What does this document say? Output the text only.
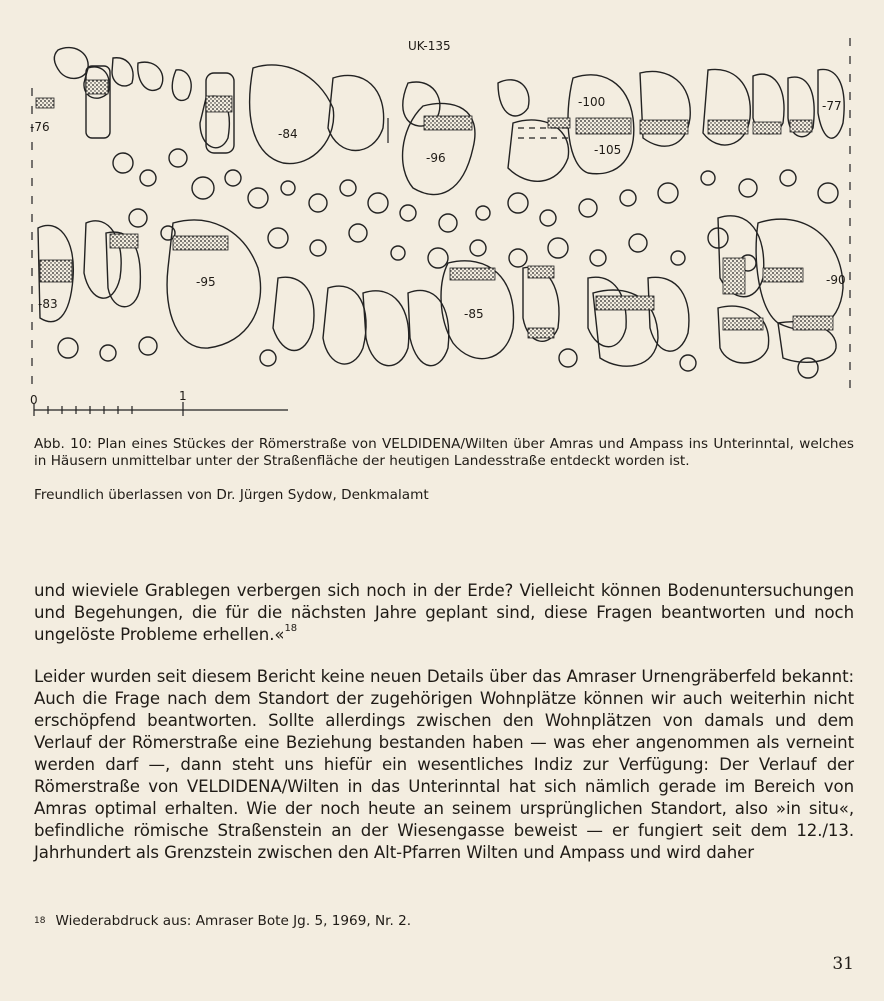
UK-135
-76	-84
-96
-100
-105
-77
-95
-83
-85
-90
0	1

Abb. 10: Plan eines Stückes der Römerstraße von VELDIDENA/Wilten über Amras und Ampass ins Unterinntal, welches in Häusern unmittelbar unter der Straßenfläche der heutigen Landesstraße entdeckt worden ist.

Freundlich überlassen von Dr. Jürgen Sydow, Denkmalamt

und wieviele Grablegen verbergen sich noch in der Erde? Vielleicht können Bodenuntersuchungen und Begehungen, die für die nächsten Jahre geplant sind, diese Fragen beantworten und noch ungelöste Probleme erhellen.«$^{18}$

Leider wurden seit diesem Bericht keine neuen Details über das Amraser Urnengräberfeld bekannt: Auch die Frage nach dem Standort der zugehörigen Wohnplätze können wir auch weiterhin nicht erschöpfend beantworten. Sollte allerdings zwischen den Wohnplätzen von damals und dem Verlauf der Römerstraße eine Beziehung bestanden haben — was eher angenommen als verneint werden darf —, dann steht uns hiefür ein wesentliches Indiz zur Verfügung: Der Verlauf der Römerstraße von VELDIDENA/Wilten in das Unterinntal hat sich nämlich gerade im Bereich von Amras optimal erhalten. Wie der noch heute an seinem ursprünglichen Standort, also »in situ«, befindliche römische Straßenstein an der Wiesengasse beweist — er fungiert seit dem 12./13. Jahrhundert als Grenzstein zwischen den Alt-Pfarren Wilten und Ampass und wird daher

$^{18}$ Wiederabdruck aus: Amraser Bote Jg. 5, 1969, Nr. 2.
31
